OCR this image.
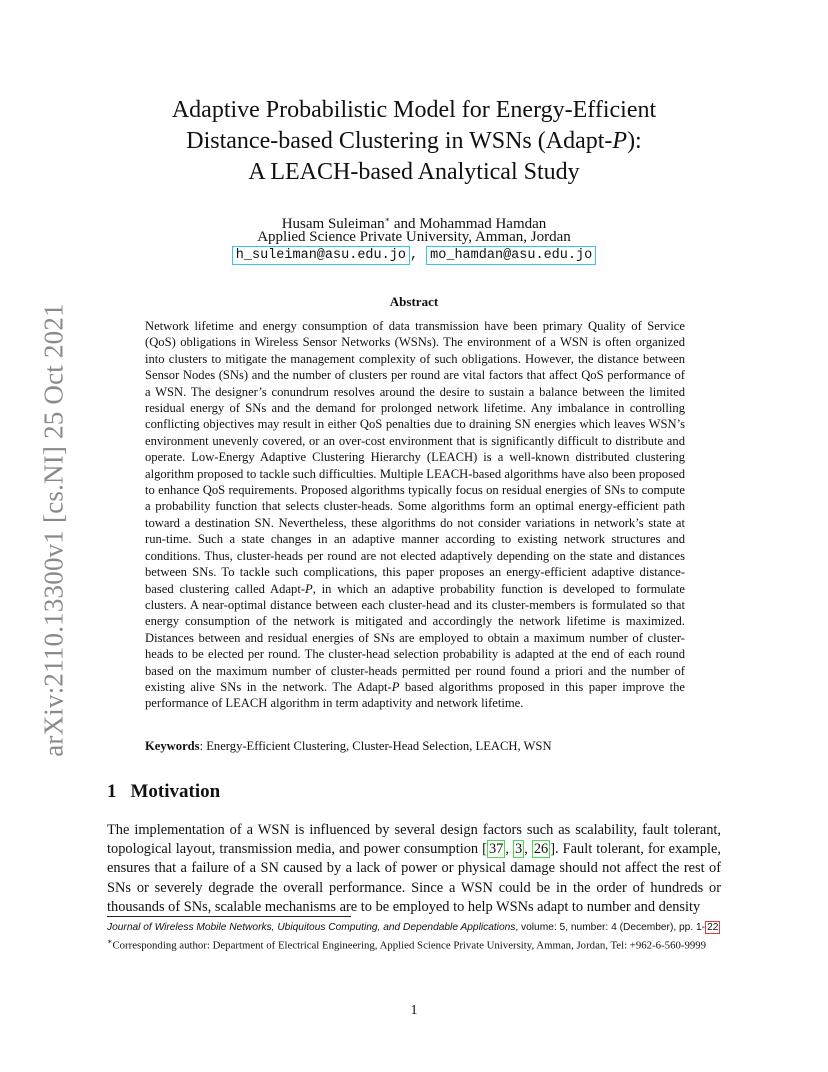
arXiv:2110.13300v1 [cs.NI] 25 Oct 2021
Adaptive Probabilistic Model for Energy-Efficient
Distance-based Clustering in WSNs (Adapt-P):
A LEACH-based Analytical Study
Husam Suleiman∗ and Mohammad Hamdan
Applied Science Private University, Amman, Jordan
h_suleiman@asu.edu.jo , mo_hamdan@asu.edu.jo
Abstract
Network lifetime and energy consumption of data transmission have been primary Quality of Service (QoS) obligations in Wireless Sensor Networks (WSNs). The environment of a WSN is often organized into clusters to mitigate the management complexity of such obligations. However, the distance between Sensor Nodes (SNs) and the number of clusters per round are vital factors that affect QoS performance of a WSN. The designer’s conundrum resolves around the desire to sustain a balance between the limited residual energy of SNs and the demand for prolonged network lifetime. Any imbalance in controlling conflicting objectives may result in either QoS penalties due to draining SN energies which leaves WSN’s environment unevenly covered, or an over-cost environment that is significantly difficult to distribute and operate. Low-Energy Adaptive Clustering Hierarchy (LEACH) is a well-known distributed clustering algorithm proposed to tackle such difficulties. Multiple LEACH-based algorithms have also been proposed to enhance QoS requirements. Proposed algorithms typically focus on residual energies of SNs to compute a probability function that selects cluster-heads. Some algorithms form an optimal energy-efficient path toward a destination SN. Nevertheless, these algorithms do not consider variations in network’s state at run-time. Such a state changes in an adaptive manner according to existing network structures and conditions. Thus, cluster-heads per round are not elected adaptively depending on the state and distances between SNs. To tackle such complications, this paper proposes an energy-efficient adaptive distance-based clustering called Adapt-P, in which an adaptive probability function is developed to formulate clusters. A near-optimal distance between each cluster-head and its cluster-members is formulated so that energy consumption of the network is mitigated and accordingly the network lifetime is maximized. Distances between and residual energies of SNs are employed to obtain a maximum number of cluster-heads to be elected per round. The cluster-head selection probability is adapted at the end of each round based on the maximum number of cluster-heads permitted per round found a priori and the number of existing alive SNs in the network. The Adapt-P based algorithms proposed in this paper improve the performance of LEACH algorithm in term adaptivity and network lifetime.
Keywords: Energy-Efficient Clustering, Cluster-Head Selection, LEACH, WSN
1 Motivation
The implementation of a WSN is influenced by several design factors such as scalability, fault tolerant, topological layout, transmission media, and power consumption [ 37 , 3 , 26 ]. Fault tolerant, for example, ensures that a failure of a SN caused by a lack of power or physical damage should not affect the rest of SNs or severely degrade the overall performance. Since a WSN could be in the order of hundreds or thousands of SNs, scalable mechanisms are to be employed to help WSNs adapt to number and density
Journal of Wireless Mobile Networks, Ubiquitous Computing, and Dependable Applications, volume: 5, number: 4 (December), pp. 1- 22
∗Corresponding author: Department of Electrical Engineering, Applied Science Private University, Amman, Jordan, Tel: +962-6-560-9999
1
